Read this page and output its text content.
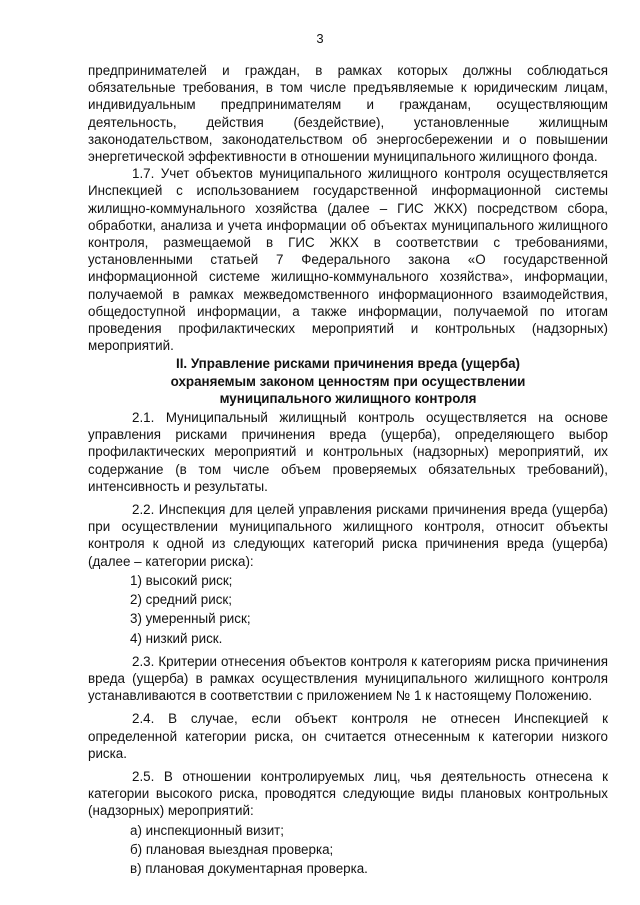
3

предпринимателей и граждан, в рамках которых должны соблюдаться обязательные требования, в том числе предъявляемые к юридическим лицам, индивидуальным предпринимателям и гражданам, осуществляющим деятельность, действия (бездействие), установленные жилищным законодательством, законодательством об энергосбережении и о повышении энергетической эффективности в отношении муниципального жилищного фонда.

1.7. Учет объектов муниципального жилищного контроля осуществляется Инспекцией с использованием государственной информационной системы жилищно-коммунального хозяйства (далее – ГИС ЖКХ) посредством сбора, обработки, анализа и учета информации об объектах муниципального жилищного контроля, размещаемой в ГИС ЖКХ в соответствии с требованиями, установленными статьей 7 Федерального закона «О государственной информационной системе жилищно-коммунального хозяйства», информации, получаемой в рамках межведомственного информационного взаимодействия, общедоступной информации, а также информации, получаемой по итогам проведения профилактических мероприятий и контрольных (надзорных) мероприятий.

II. Управление рисками причинения вреда (ущерба)
охраняемым законом ценностям при осуществлении
муниципального жилищного контроля

2.1. Муниципальный жилищный контроль осуществляется на основе управления рисками причинения вреда (ущерба), определяющего выбор профилактических мероприятий и контрольных (надзорных) мероприятий, их содержание (в том числе объем проверяемых обязательных требований), интенсивность и результаты.

2.2. Инспекция для целей управления рисками причинения вреда (ущерба) при осуществлении муниципального жилищного контроля, относит объекты контроля к одной из следующих категорий риска причинения вреда (ущерба) (далее – категории риска):

1) высокий риск;
2) средний риск;
3) умеренный риск;
4) низкий риск.

2.3. Критерии отнесения объектов контроля к категориям риска причинения вреда (ущерба) в рамках осуществления муниципального жилищного контроля устанавливаются в соответствии с приложением № 1 к настоящему Положению.

2.4. В случае, если объект контроля не отнесен Инспекцией к определенной категории риска, он считается отнесенным к категории низкого риска.

2.5. В отношении контролируемых лиц, чья деятельность отнесена к категории высокого риска, проводятся следующие виды плановых контрольных (надзорных) мероприятий:

а) инспекционный визит;
б) плановая выездная проверка;
в) плановая документарная проверка.
